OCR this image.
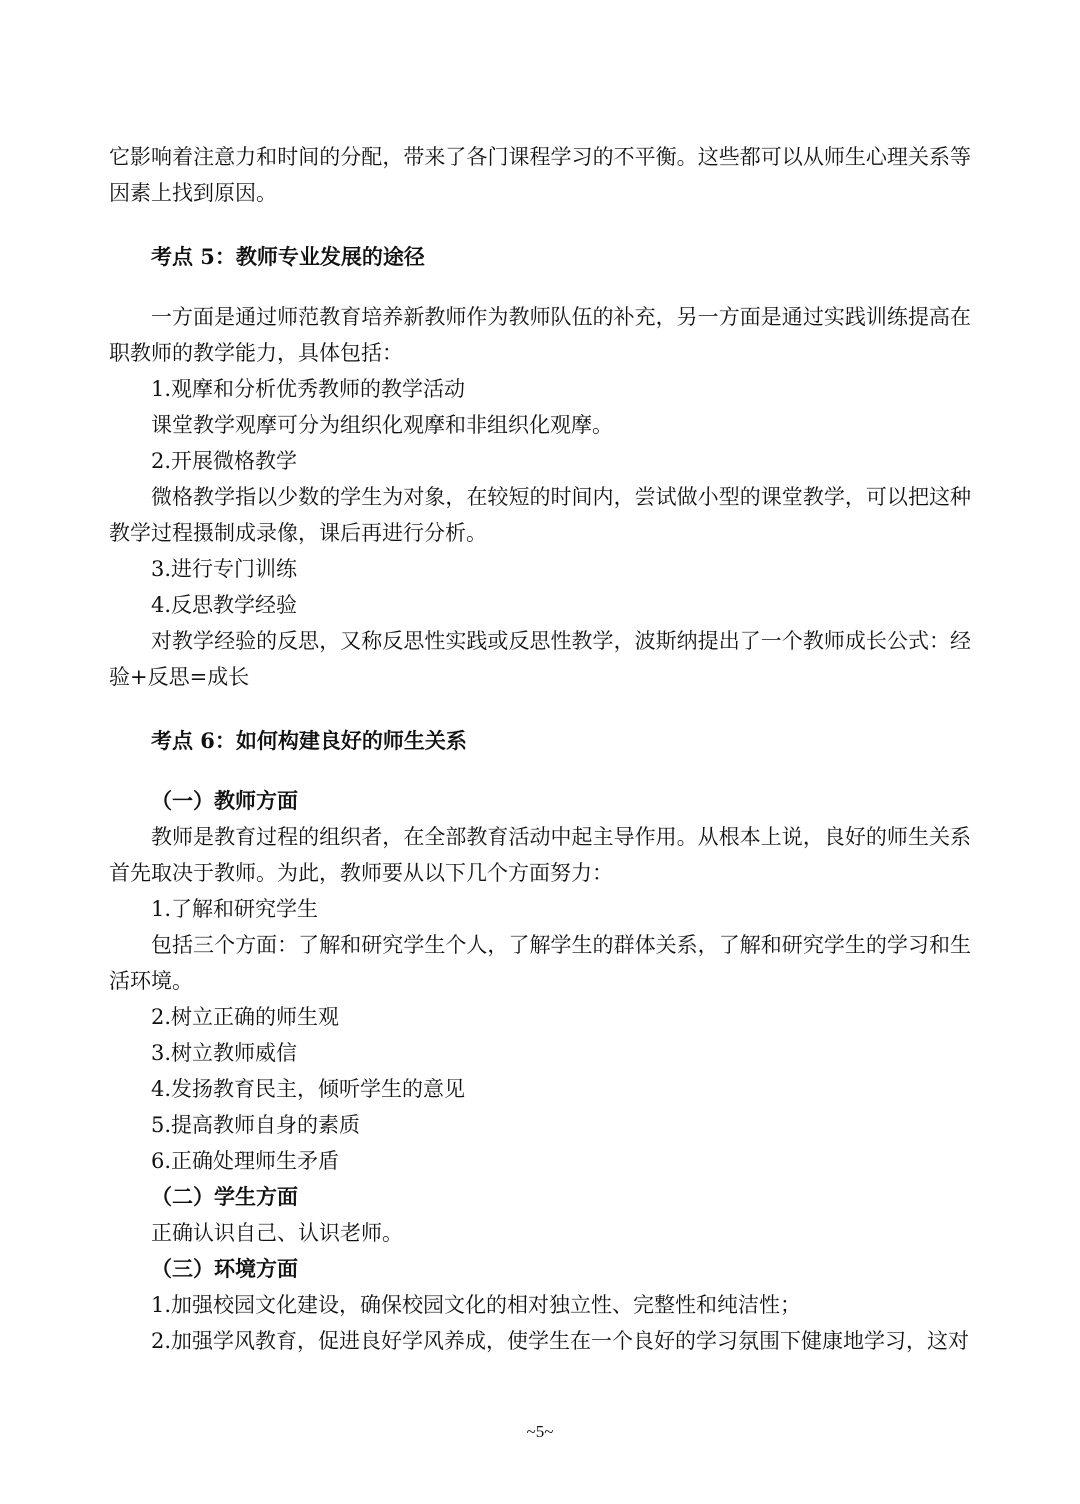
它影响着注意力和时间的分配，带来了各门课程学习的不平衡。这些都可以从师生心理关系等因素上找到原因。

考点 5：教师专业发展的途径

一方面是通过师范教育培养新教师作为教师队伍的补充，另一方面是通过实践训练提高在职教师的教学能力，具体包括：

1.观摩和分析优秀教师的教学活动

课堂教学观摩可分为组织化观摩和非组织化观摩。

2.开展微格教学

微格教学指以少数的学生为对象，在较短的时间内，尝试做小型的课堂教学，可以把这种教学过程摄制成录像，课后再进行分析。

3.进行专门训练

4.反思教学经验

对教学经验的反思，又称反思性实践或反思性教学，波斯纳提出了一个教师成长公式：经验+反思=成长

考点 6：如何构建良好的师生关系

（一）教师方面

教师是教育过程的组织者，在全部教育活动中起主导作用。从根本上说，良好的师生关系首先取决于教师。为此，教师要从以下几个方面努力：

1.了解和研究学生

包括三个方面：了解和研究学生个人，了解学生的群体关系，了解和研究学生的学习和生活环境。

2.树立正确的师生观

3.树立教师威信

4.发扬教育民主，倾听学生的意见

5.提高教师自身的素质

6.正确处理师生矛盾

（二）学生方面

正确认识自己、认识老师。

（三）环境方面

1.加强校园文化建设，确保校园文化的相对独立性、完整性和纯洁性；

2.加强学风教育，促进良好学风养成，使学生在一个良好的学习氛围下健康地学习，这对

~5~
